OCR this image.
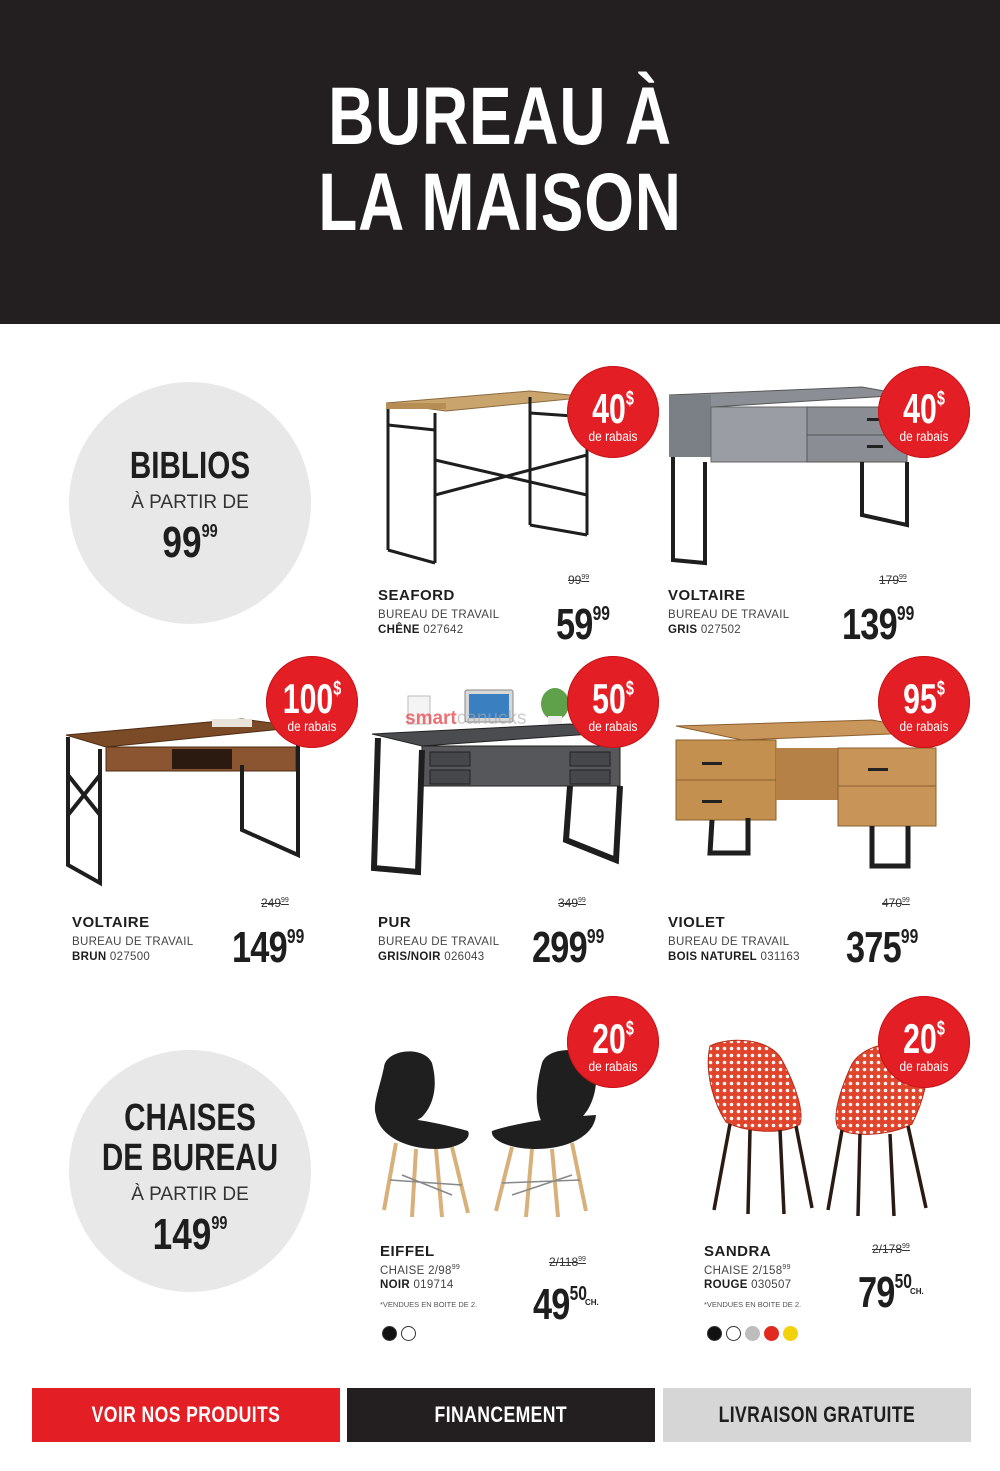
BUREAU À
LA MAISON
BIBLIOS
À PARTIR DE
$99^{99}$
CHAISES
DE BUREAU
À PARTIR DE
$149^{99}$
smartcanucks
40$
de rabais
40$
de rabais
100$
de rabais
50$
de rabais
95$
de rabais
20$
de rabais
20$
de rabais
SEAFORD
BUREAU DE TRAVAIL
CHÊNE 027642
$99^{99}$
$59^{99}$
VOLTAIRE
BUREAU DE TRAVAIL
GRIS 027502
$179^{99}$
$139^{99}$
VOLTAIRE
BUREAU DE TRAVAIL
BRUN 027500
$249^{99}$
$149^{99}$
PUR
BUREAU DE TRAVAIL
GRIS/NOIR 026043
$349^{99}$
$299^{99}$
VIOLET
BUREAU DE TRAVAIL
BOIS NATUREL 031163
$470^{99}$
$375^{99}$
EIFFEL
CHAISE $2/98^{99}$
NOIR 019714
*VENDUES EN BOITE DE 2.
$2/118^{99}$
$49^{50}$
CH.
SANDRA
CHAISE $2/158^{99}$
ROUGE 030507
*VENDUES EN BOITE DE 2.
$2/178^{99}$
$79^{50}$
CH.
VOIR NOS PRODUITS	FINANCEMENT	LIVRAISON GRATUITE
